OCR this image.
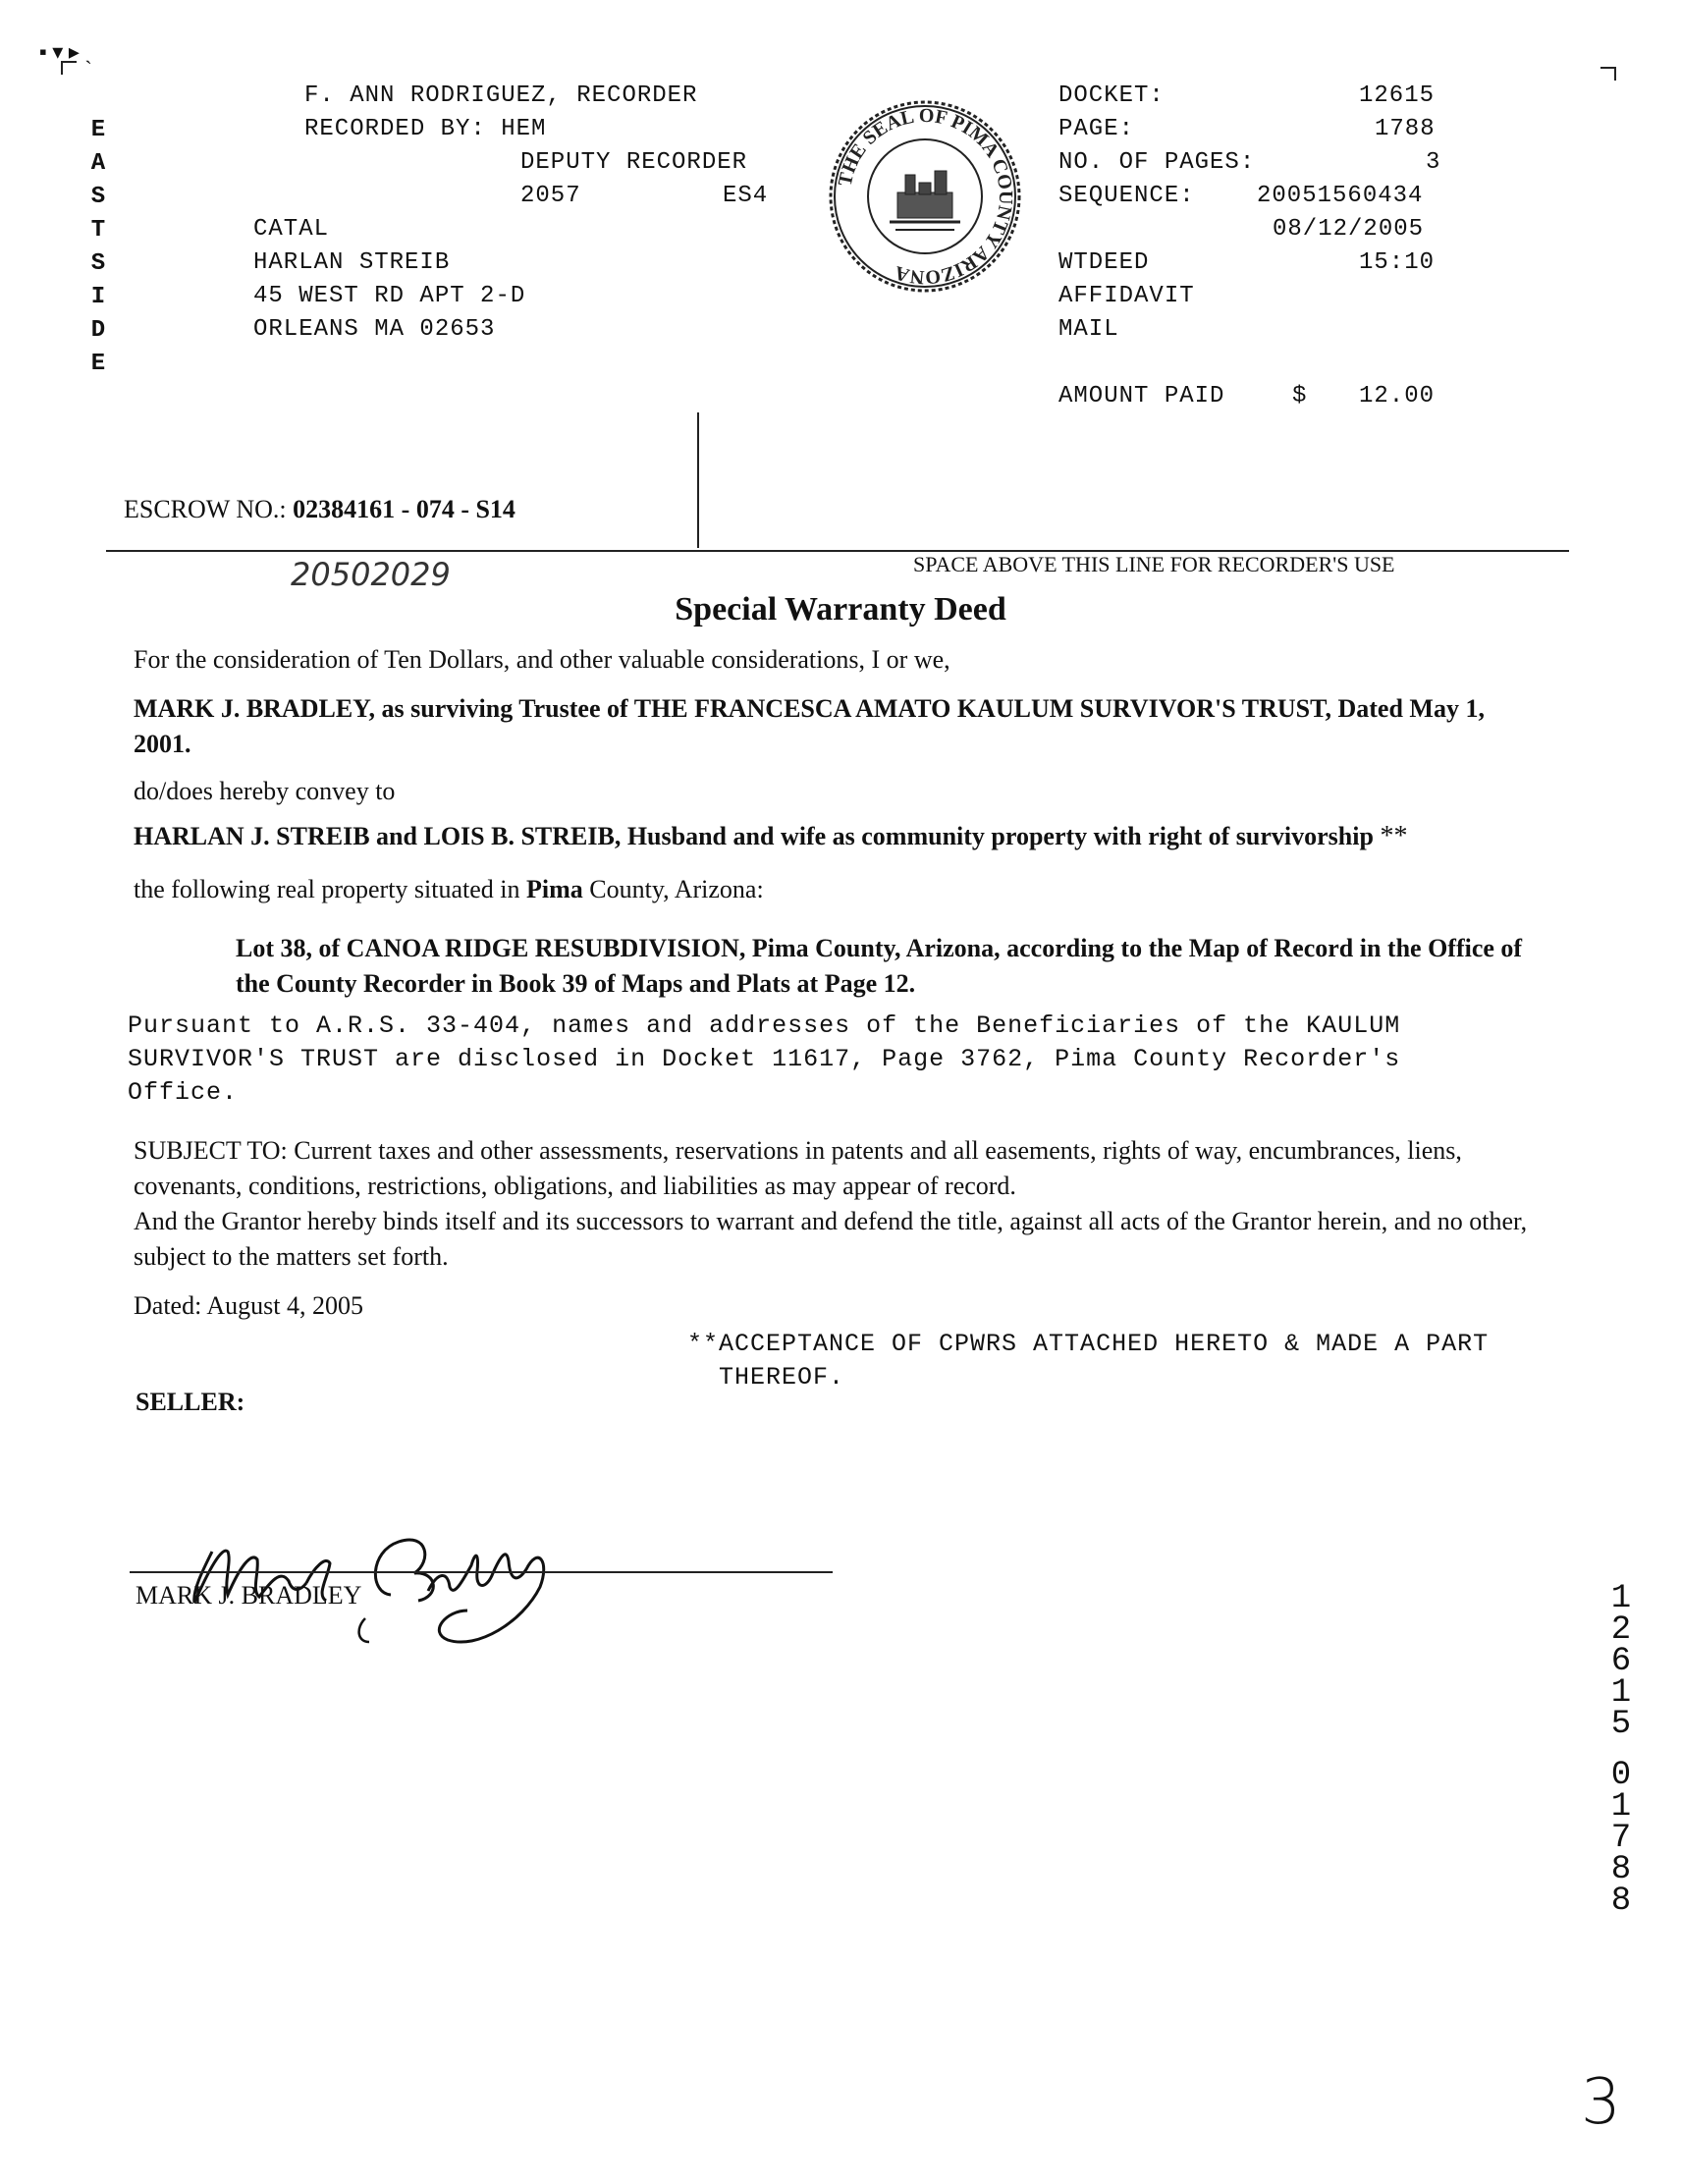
▪ ▾ ▸ ˎ
E
A
S
T
S
I
D
E
F. ANN RODRIGUEZ, RECORDER
RECORDED BY: HEM
DEPUTY RECORDER
2057	ES4
CATAL
HARLAN STREIB
45 WEST RD APT 2-D
ORLEANS MA 02653
THE SEAL OF PIMA COUNTY ARIZONA
DOCKET:	12615
PAGE:	1788
NO. OF PAGES:	3
SEQUENCE:	20051560434
08/12/2005
WTDEED	15:10
AFFIDAVIT
MAIL
AMOUNT PAID	$ 12.00
ESCROW NO.: 02384161 - 074 - S14
20502029	SPACE ABOVE THIS LINE FOR RECORDER'S USE
Special Warranty Deed
For the consideration of Ten Dollars, and other valuable considerations, I or we,
MARK J. BRADLEY, as surviving Trustee of THE FRANCESCA AMATO KAULUM SURVIVOR'S TRUST, Dated May 1, 2001.
do/does hereby convey to
HARLAN J. STREIB and LOIS B. STREIB, Husband and wife as community property with right of survivorship **
the following real property situated in Pima County, Arizona:
Lot 38, of CANOA RIDGE RESUBDIVISION, Pima County, Arizona, according to the Map of Record in the Office of the County Recorder in Book 39 of Maps and Plats at Page 12.
Pursuant to A.R.S. 33-404, names and addresses of the Beneficiaries of the KAULUM
SURVIVOR'S TRUST are disclosed in Docket 11617, Page 3762, Pima County Recorder's
Office.
SUBJECT TO: Current taxes and other assessments, reservations in patents and all easements, rights of way, encumbrances, liens, covenants, conditions, restrictions, obligations, and liabilities as may appear of record.
And the Grantor hereby binds itself and its successors to warrant and defend the title, against all acts of the Grantor herein, and no other, subject to the matters set forth.
Dated: August 4, 2005
**ACCEPTANCE OF CPWRS ATTACHED HERETO & MADE A PART
THEREOF.
SELLER:
MARK J. BRADLEY	1
2
6
1
5
0
1
7
8
8
3
